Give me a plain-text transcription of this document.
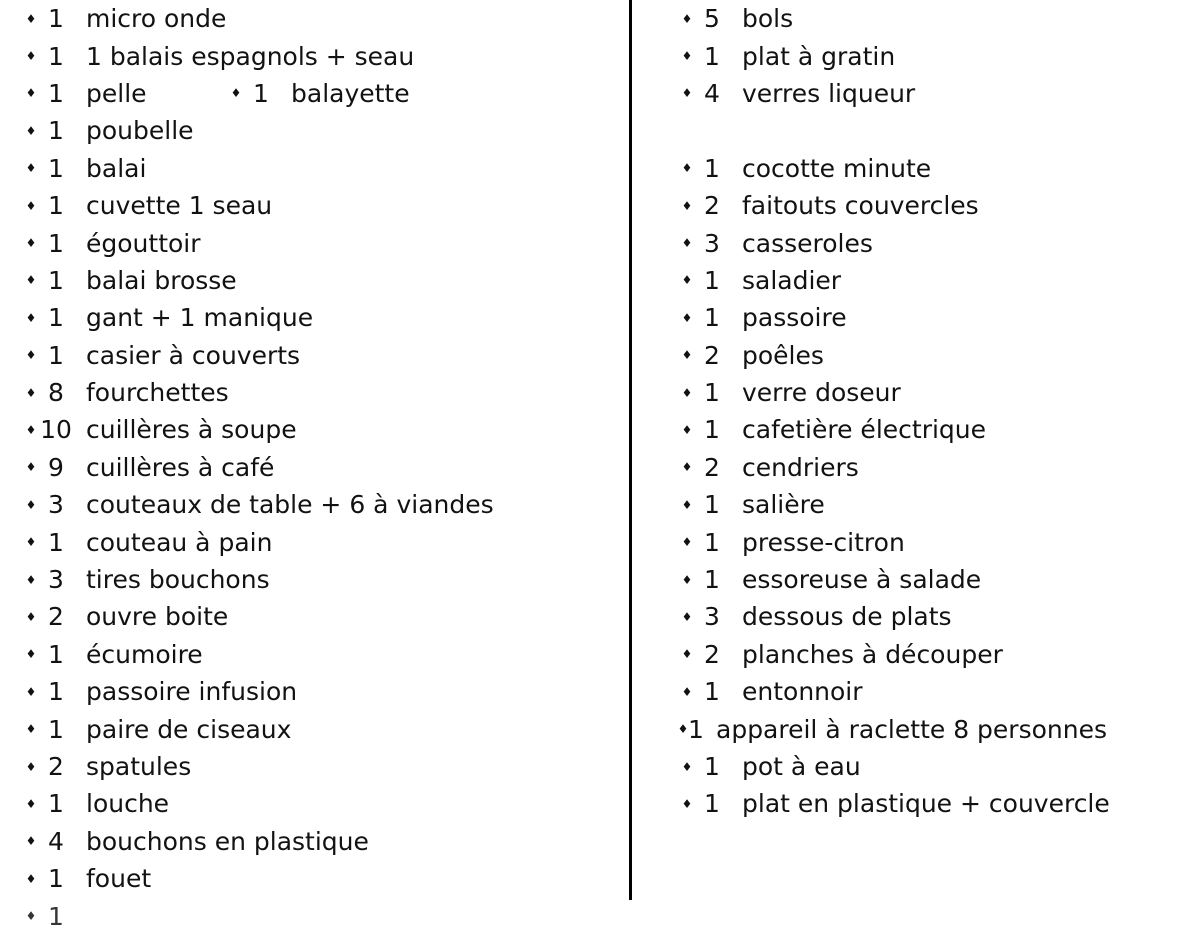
♦ 1 micro onde
♦ 1 1 balais espagnols + seau
♦ 1 pelle	♦ 1 balayette
♦ 1 poubelle
♦ 1 balai
♦ 1 cuvette 1 seau
♦ 1 égouttoir
♦ 1 balai brosse
♦ 1 gant + 1 manique
♦ 1 casier à couverts
♦ 8 fourchettes
♦ 10 cuillères à soupe
♦ 9 cuillères à café
♦ 3 couteaux de table + 6 à viandes
♦ 1 couteau à pain
♦ 3 tires bouchons
♦ 2 ouvre boite
♦ 1 écumoire
♦ 1 passoire infusion
♦ 1 paire de ciseaux
♦ 2 spatules
♦ 1 louche
♦ 4 bouchons en plastique
♦ 1 fouet
♦ 1
♦ 5 bols
♦ 1 plat à gratin
♦ 4 verres liqueur
♦ 1 cocotte minute
♦ 2 faitouts couvercles
♦ 3 casseroles
♦ 1 saladier
♦ 1 passoire
♦ 2 poêles
♦ 1 verre doseur
♦ 1 cafetière électrique
♦ 2 cendriers
♦ 1 salière
♦ 1 presse-citron
♦ 1 essoreuse à salade
♦ 3 dessous de plats
♦ 2 planches à découper
♦ 1 entonnoir
♦ 1 appareil à raclette 8 personnes
♦ 1 pot à eau
♦ 1 plat en plastique + couvercle
